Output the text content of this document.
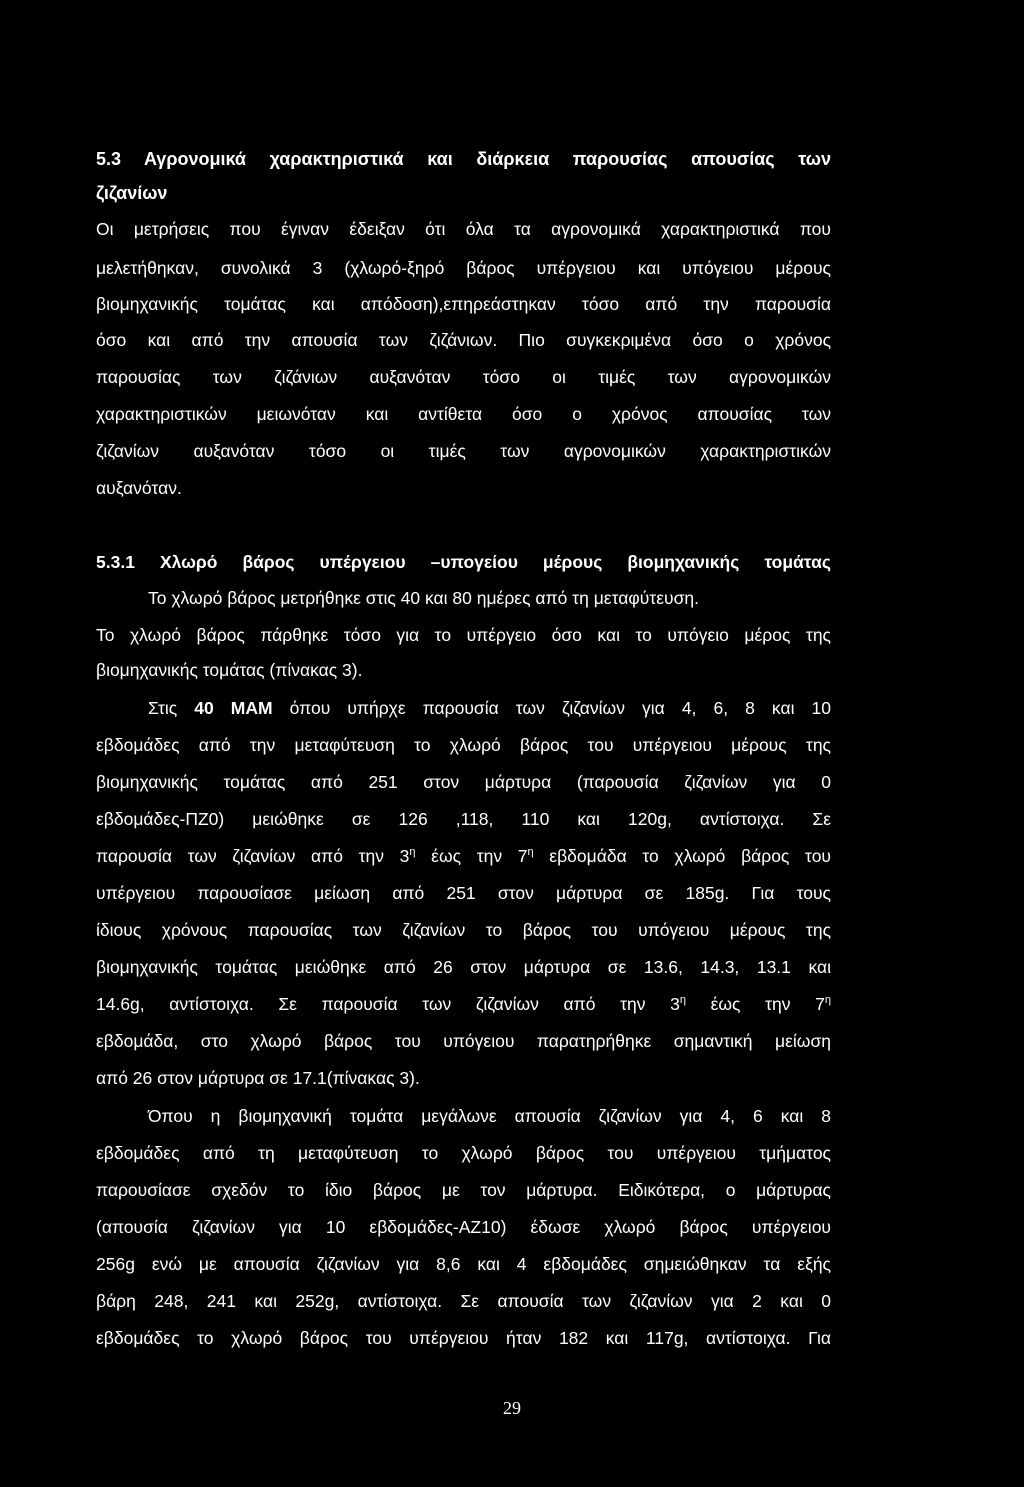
5.3 Αγρονομικά χαρακτηριστικά και διάρκεια παρουσίας απουσίας των
ζιζανίων
Οι μετρήσεις που έγιναν έδειξαν ότι όλα τα αγρονομικά χαρακτηριστικά που
μελετήθηκαν, συνολικά 3 (χλωρό-ξηρό βάρος υπέργειου και υπόγειου μέρους
βιομηχανικής τομάτας και απόδοση),επηρεάστηκαν τόσο από την παρουσία
όσο και από την απουσία των ζιζάνιων. Πιο συγκεκριμένα όσο ο χρόνος
παρουσίας των ζιζάνιων αυξανόταν τόσο οι τιμές των αγρονομικών
χαρακτηριστικών μειωνόταν και αντίθετα όσο ο χρόνος απουσίας των
ζιζανίων αυξανόταν τόσο οι τιμές των αγρονομικών χαρακτηριστικών
αυξανόταν.
5.3.1 Χλωρό βάρος υπέργειου –υπογείου μέρους βιομηχανικής τομάτας
Το χλωρό βάρος μετρήθηκε στις 40 και 80 ημέρες από τη μεταφύτευση.
Το χλωρό βάρος πάρθηκε τόσο για το υπέργειο όσο και το υπόγειο μέρος της
βιομηχανικής τομάτας (πίνακας 3).
Στις 40 ΜΑΜ όπου υπήρχε παρουσία των ζιζανίων για 4, 6, 8 και 10
εβδομάδες από την μεταφύτευση το χλωρό βάρος του υπέργειου μέρους της
βιομηχανικής τομάτας από 251 στον μάρτυρα (παρουσία ζιζανίων για 0
εβδομάδες-ΠΖ0) μειώθηκε σε 126 ,118, 110 και 120g, αντίστοιχα. Σε
παρουσία των ζιζανίων από την $3^\eta$ έως την $7^\eta$ εβδομάδα το χλωρό βάρος του
υπέργειου παρουσίασε μείωση από 251 στον μάρτυρα σε 185g. Για τους
ίδιους χρόνους παρουσίας των ζιζανίων το βάρος του υπόγειου μέρους της
βιομηχανικής τομάτας μειώθηκε από 26 στον μάρτυρα σε 13.6, 14.3, 13.1 και
14.6g, αντίστοιχα. Σε παρουσία των ζιζανίων από την $3^\eta$ έως την $7^\eta$
εβδομάδα, στο χλωρό βάρος του υπόγειου παρατηρήθηκε σημαντική μείωση
από 26 στον μάρτυρα σε 17.1(πίνακας 3).
Όπου η βιομηχανική τομάτα μεγάλωνε απουσία ζιζανίων για 4, 6 και 8
εβδομάδες από τη μεταφύτευση το χλωρό βάρος του υπέργειου τμήματος
παρουσίασε σχεδόν το ίδιο βάρος με τον μάρτυρα. Ειδικότερα, ο μάρτυρας
(απουσία ζιζανίων για 10 εβδομάδες-ΑΖ10) έδωσε χλωρό βάρος υπέργειου
256g ενώ με απουσία ζιζανίων για 8,6 και 4 εβδομάδες σημειώθηκαν τα εξής
βάρη 248, 241 και 252g, αντίστοιχα. Σε απουσία των ζιζανίων για 2 και 0
εβδομάδες το χλωρό βάρος του υπέργειου ήταν 182 και 117g, αντίστοιχα. Για
29
